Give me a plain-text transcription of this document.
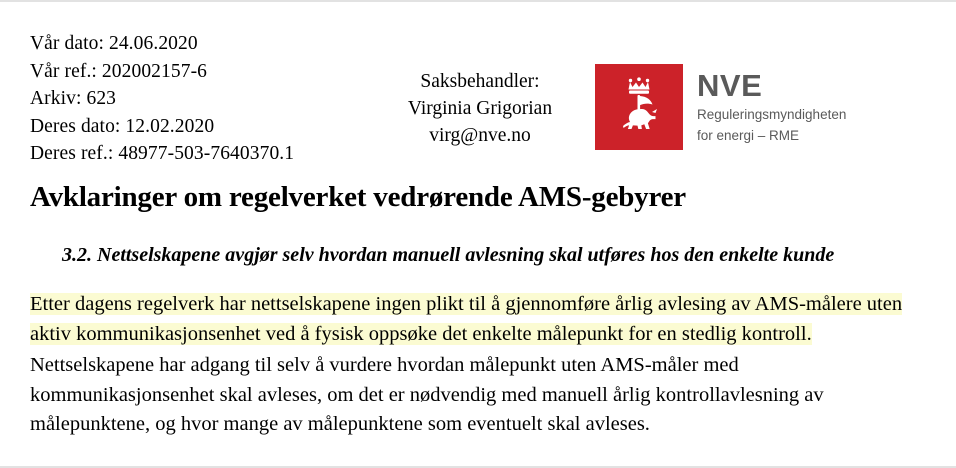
Vår dato: 24.06.2020
Vår ref.: 202002157-6
Arkiv: 623
Deres dato: 12.02.2020
Deres ref.: 48977-503-7640370.1
Saksbehandler:
Virginia Grigorian
virg@nve.no
NVE
Reguleringsmyndigheten
for energi – RME
Avklaringer om regelverket vedrørende AMS-gebyrer
3.2. Nettselskapene avgjør selv hvordan manuell avlesning skal utføres hos den enkelte kunde

Etter dagens regelverk har nettselskapene ingen plikt til å gjennomføre årlig avlesing av AMS-målere uten aktiv kommunikasjonsenhet ved å fysisk oppsøke det enkelte målepunkt for en stedlig kontroll.

Nettselskapene har adgang til selv å vurdere hvordan målepunkt uten AMS-måler med kommunikasjonsenhet skal avleses, om det er nødvendig med manuell årlig kontrollavlesning av målepunktene, og hvor mange av målepunktene som eventuelt skal avleses.
